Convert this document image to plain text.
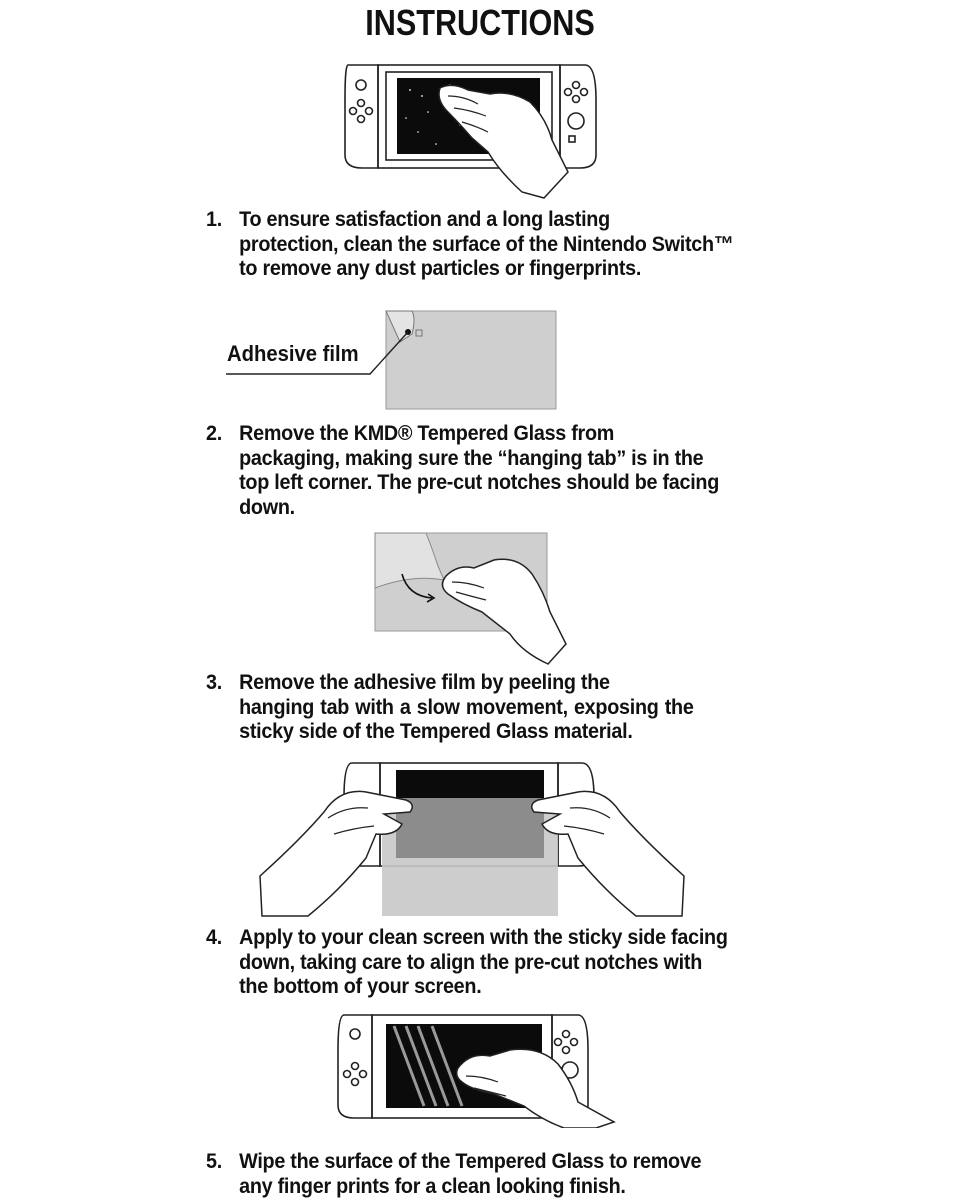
INSTRUCTIONS
1. To ensure satisfaction and a long lasting
protection, clean the surface of the Nintendo Switch™
to remove any dust particles or fingerprints.
Adhesive film
2. Remove the KMD® Tempered Glass from
packaging, making sure the “hanging tab” is in the
top left corner. The pre-cut notches should be facing
down.
3. Remove the adhesive film by peeling the
hanging tab with a slow movement, exposing the
sticky side of the Tempered Glass material.
4. Apply to your clean screen with the sticky side facing
down, taking care to align the pre-cut notches with
the bottom of your screen.
5. Wipe the surface of the Tempered Glass to remove
any finger prints for a clean looking finish.
